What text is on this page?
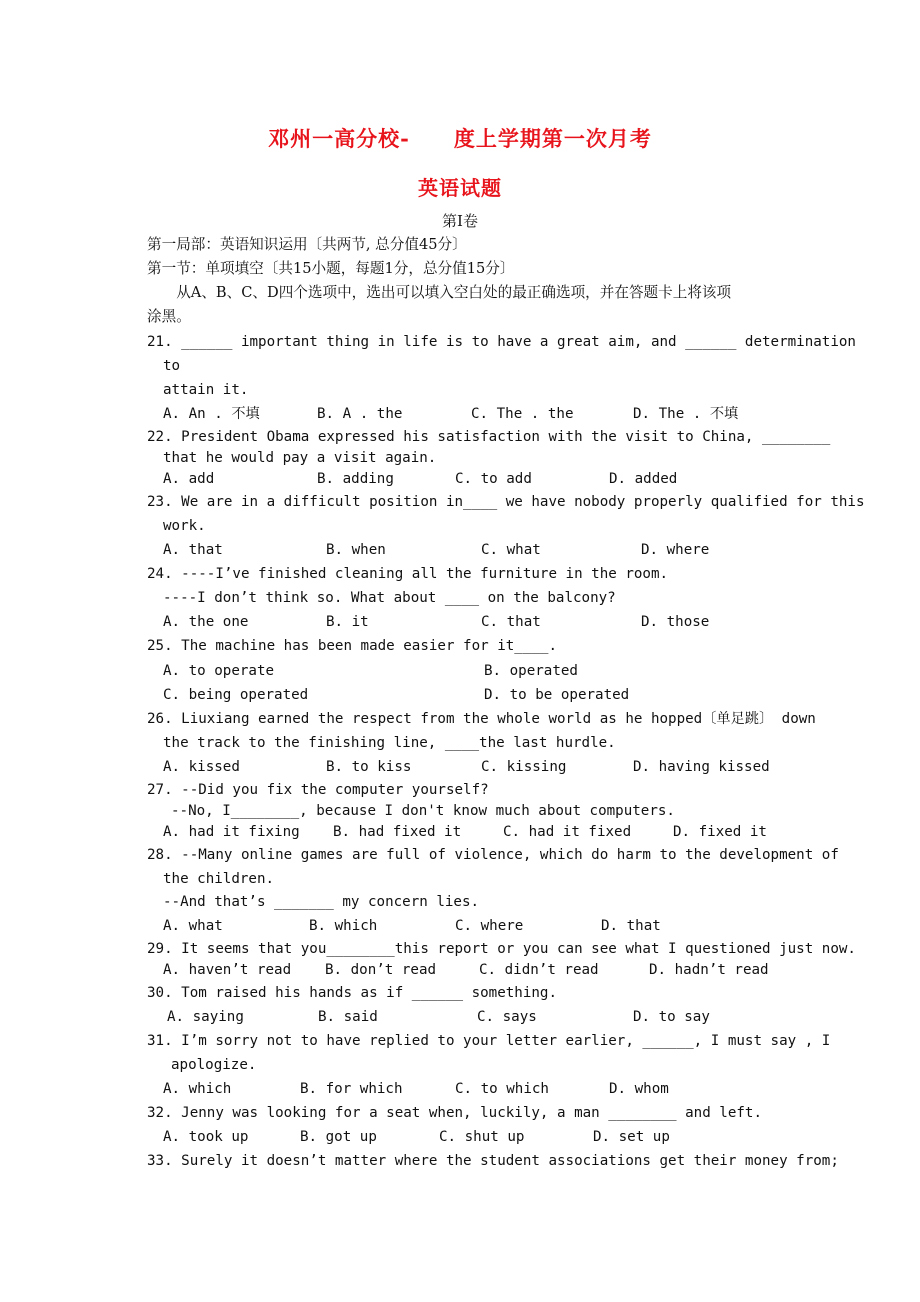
邓州一高分校-　　度上学期第一次月考
英语试题
第Ⅰ卷
第一局部：英语知识运用〔共两节, 总分值45分〕
第一节：单项填空〔共15小题，每题1分，总分值15分〕
　　从A、B、C、D四个选项中，选出可以填入空白处的最正确选项，并在答题卡上将该项
涂黑。
21. ______ important thing in life is to have a great aim, and ______ determination
to
attain it.
A. An . 不填	B. A . the	C. The . the	D. The . 不填
22. President Obama expressed his satisfaction with the visit to China, ________
that he would pay a visit again.
A. add	B. adding	C. to add	D. added
23. We are in a difficult position in____ we have nobody properly qualified for this
work.
A. that	B. when	C. what	D. where
24. ----I’ve finished cleaning all the furniture in the room.
----I don’t think so. What about ____ on the balcony?
A. the one	B. it	C. that	D. those
25. The machine has been made easier for it____.
A. to operate	B. operated
C. being operated	D. to be operated
26. Liuxiang earned the respect from the whole world as he hopped〔单足跳〕 down
the track to the finishing line, ____the last hurdle.
A. kissed	B. to kiss	C. kissing	D. having kissed
27. --Did you fix the computer yourself?
--No, I________, because I don't know much about computers.
A. had it fixing B. had fixed it	C. had it fixed	D. fixed it
28. --Many online games are full of violence, which do harm to the development of
the children.
--And that’s _______ my concern lies.
A. what	B. which	C. where	D. that
29. It seems that you________this report or you can see what I questioned just now.
A. haven’t read B. don’t read	C. didn’t read	D. hadn’t read
30. Tom raised his hands as if ______ something.
A. saying	B. said	C. says	D. to say
31. I’m sorry not to have replied to your letter earlier, ______, I must say , I
apologize.
A. which	B. for which	C. to which	D. whom
32. Jenny was looking for a seat when, luckily, a man ________ and left.
A. took up	B. got up	C. shut up	D. set up
33. Surely it doesn’t matter where the student associations get their money from;
